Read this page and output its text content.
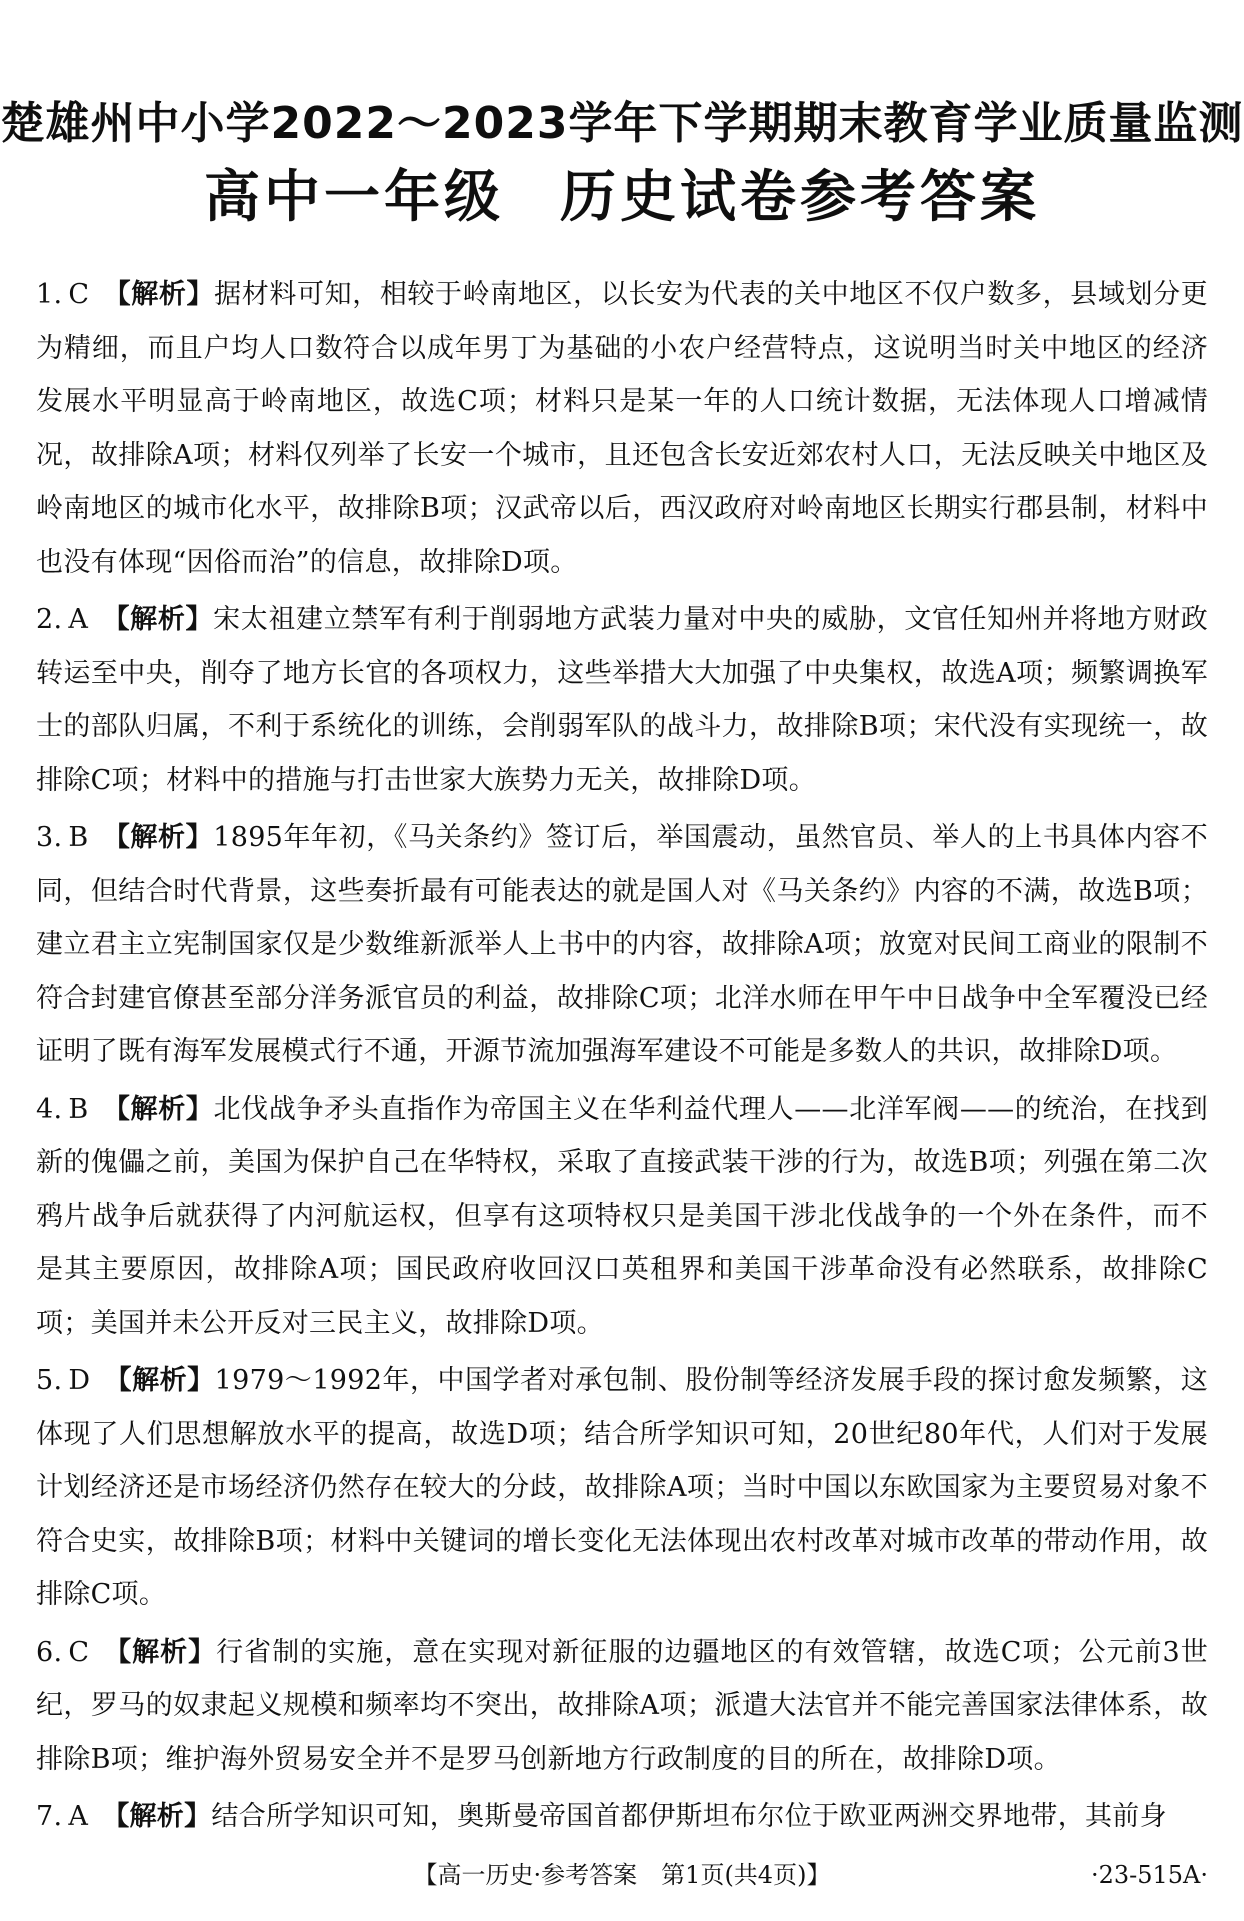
楚雄州中小学2022～2023学年下学期期末教育学业质量监测
高中一年级 历史试卷参考答案
1. C 【解析】据材料可知，相较于岭南地区，以长安为代表的关中地区不仅户数多，县域划分更为精细，而且户均人口数符合以成年男丁为基础的小农户经营特点，这说明当时关中地区的经济发展水平明显高于岭南地区，故选C项；材料只是某一年的人口统计数据，无法体现人口增减情况，故排除A项；材料仅列举了长安一个城市，且还包含长安近郊农村人口，无法反映关中地区及岭南地区的城市化水平，故排除B项；汉武帝以后，西汉政府对岭南地区长期实行郡县制，材料中也没有体现“因俗而治”的信息，故排除D项。
2. A 【解析】宋太祖建立禁军有利于削弱地方武装力量对中央的威胁，文官任知州并将地方财政转运至中央，削夺了地方长官的各项权力，这些举措大大加强了中央集权，故选A项；频繁调换军士的部队归属，不利于系统化的训练，会削弱军队的战斗力，故排除B项；宋代没有实现统一，故排除C项；材料中的措施与打击世家大族势力无关，故排除D项。
3. B 【解析】1895年年初，《马关条约》签订后，举国震动，虽然官员、举人的上书具体内容不同，但结合时代背景，这些奏折最有可能表达的就是国人对《马关条约》内容的不满，故选B项；建立君主立宪制国家仅是少数维新派举人上书中的内容，故排除A项；放宽对民间工商业的限制不符合封建官僚甚至部分洋务派官员的利益，故排除C项；北洋水师在甲午中日战争中全军覆没已经证明了既有海军发展模式行不通，开源节流加强海军建设不可能是多数人的共识，故排除D项。
4. B 【解析】北伐战争矛头直指作为帝国主义在华利益代理人——北洋军阀——的统治，在找到新的傀儡之前，美国为保护自己在华特权，采取了直接武装干涉的行为，故选B项；列强在第二次鸦片战争后就获得了内河航运权，但享有这项特权只是美国干涉北伐战争的一个外在条件，而不是其主要原因，故排除A项；国民政府收回汉口英租界和美国干涉革命没有必然联系，故排除C项；美国并未公开反对三民主义，故排除D项。
5. D 【解析】1979～1992年，中国学者对承包制、股份制等经济发展手段的探讨愈发频繁，这体现了人们思想解放水平的提高，故选D项；结合所学知识可知，20世纪80年代，人们对于发展计划经济还是市场经济仍然存在较大的分歧，故排除A项；当时中国以东欧国家为主要贸易对象不符合史实，故排除B项；材料中关键词的增长变化无法体现出农村改革对城市改革的带动作用，故排除C项。
6. C 【解析】行省制的实施，意在实现对新征服的边疆地区的有效管辖，故选C项；公元前3世纪，罗马的奴隶起义规模和频率均不突出，故排除A项；派遣大法官并不能完善国家法律体系，故排除B项；维护海外贸易安全并不是罗马创新地方行政制度的目的所在，故排除D项。
7. A 【解析】结合所学知识可知，奥斯曼帝国首都伊斯坦布尔位于欧亚两洲交界地带，其前身
【高一历史·参考答案　第1页(共4页)】	·23-515A·
